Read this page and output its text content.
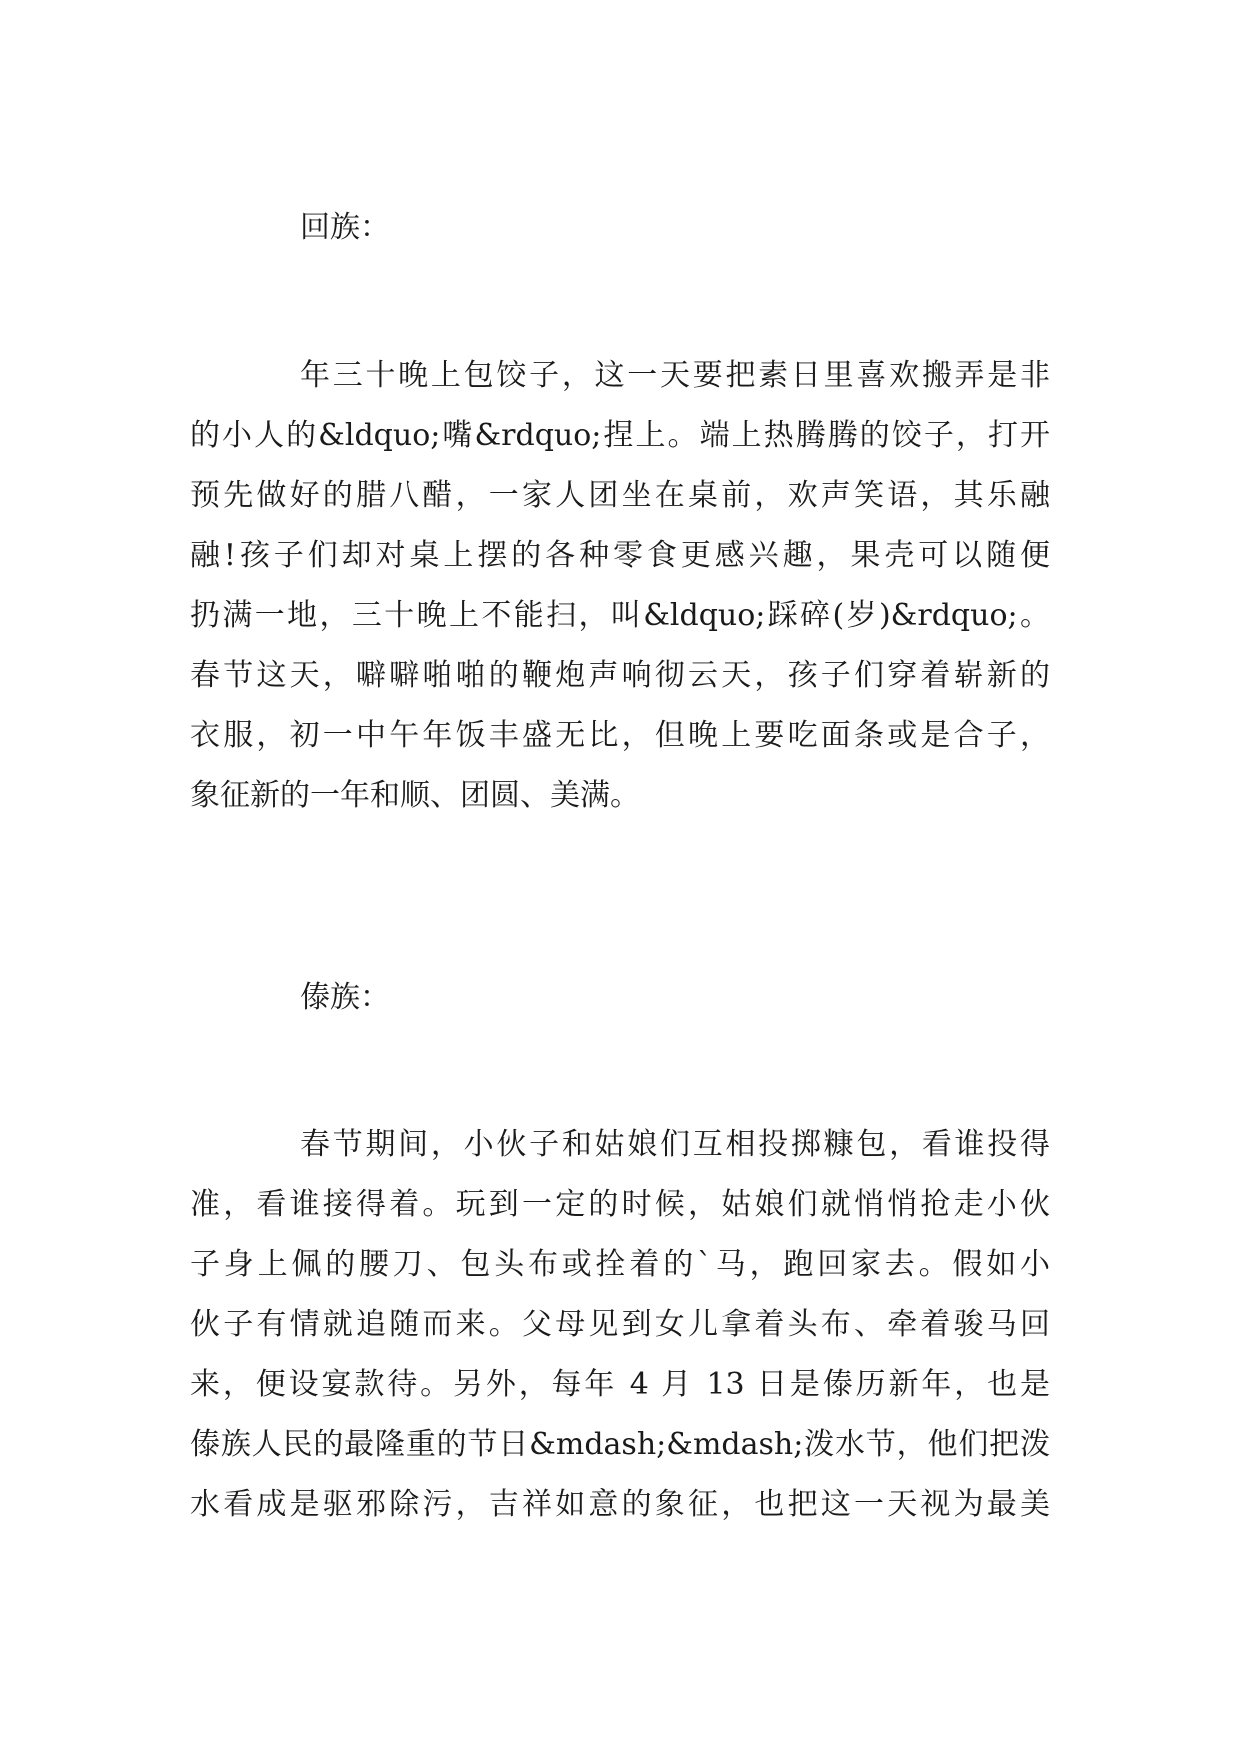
回族：
年三十晚上包饺子，这一天要把素日里喜欢搬弄是非
的小人的&ldquo;嘴&rdquo;捏上。端上热腾腾的饺子，打开
预先做好的腊八醋，一家人团坐在桌前，欢声笑语，其乐融
融!孩子们却对桌上摆的各种零食更感兴趣，果壳可以随便
扔满一地，三十晚上不能扫，叫&ldquo;踩碎(岁)&rdquo;。
春节这天，噼噼啪啪的鞭炮声响彻云天，孩子们穿着崭新的
衣服，初一中午年饭丰盛无比，但晚上要吃面条或是合子，
象征新的一年和顺、团圆、美满。
傣族：
春节期间，小伙子和姑娘们互相投掷糠包，看谁投得
准，看谁接得着。玩到一定的时候，姑娘们就悄悄抢走小伙
子身上佩的腰刀、包头布或拴着的`马，跑回家去。假如小
伙子有情就追随而来。父母见到女儿拿着头布、牵着骏马回
来，便设宴款待。另外，每年 4 月 13 日是傣历新年，也是
傣族人民的最隆重的节日&mdash;&mdash;泼水节，他们把泼
水看成是驱邪除污，吉祥如意的象征，也把这一天视为最美
